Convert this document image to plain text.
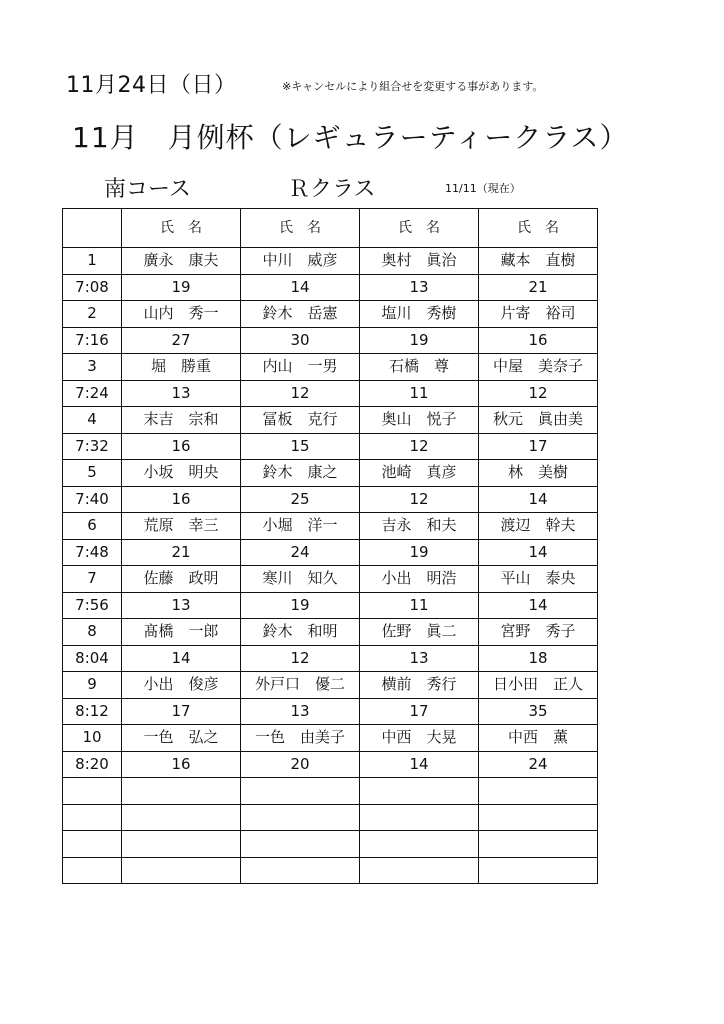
11月24日（日）	※キャンセルにより組合せを変更する事があります。
11月　月例杯（レギュラーティークラス）
南コース	Ｒクラス	11/11（現在）
	氏　名	氏　名	氏　名	氏　名
1	廣永　康夫	中川　威彦	奥村　眞治	藏本　直樹
7:08	19	14	13	21
2	山内　秀一	鈴木　岳憲	塩川　秀樹	片寄　裕司
7:16	27	30	19	16
3	堀　勝重	内山　一男	石橋　尊	中屋　美奈子
7:24	13	12	11	12
4	末吉　宗和	冨板　克行	奥山　悦子	秋元　眞由美
7:32	16	15	12	17
5	小坂　明央	鈴木　康之	池崎　真彦	林　美樹
7:40	16	25	12	14
6	荒原　幸三	小堀　洋一	吉永　和夫	渡辺　幹夫
7:48	21	24	19	14
7	佐藤　政明	寒川　知久	小出　明浩	平山　泰央
7:56	13	19	11	14
8	髙橋　一郎	鈴木　和明	佐野　眞二	宮野　秀子
8:04	14	12	13	18
9	小出　俊彦	外戸口　優二	横前　秀行	日小田　正人
8:12	17	13	17	35
10	一色　弘之	一色　由美子	中西　大晃	中西　薫
8:20	16	20	14	24
